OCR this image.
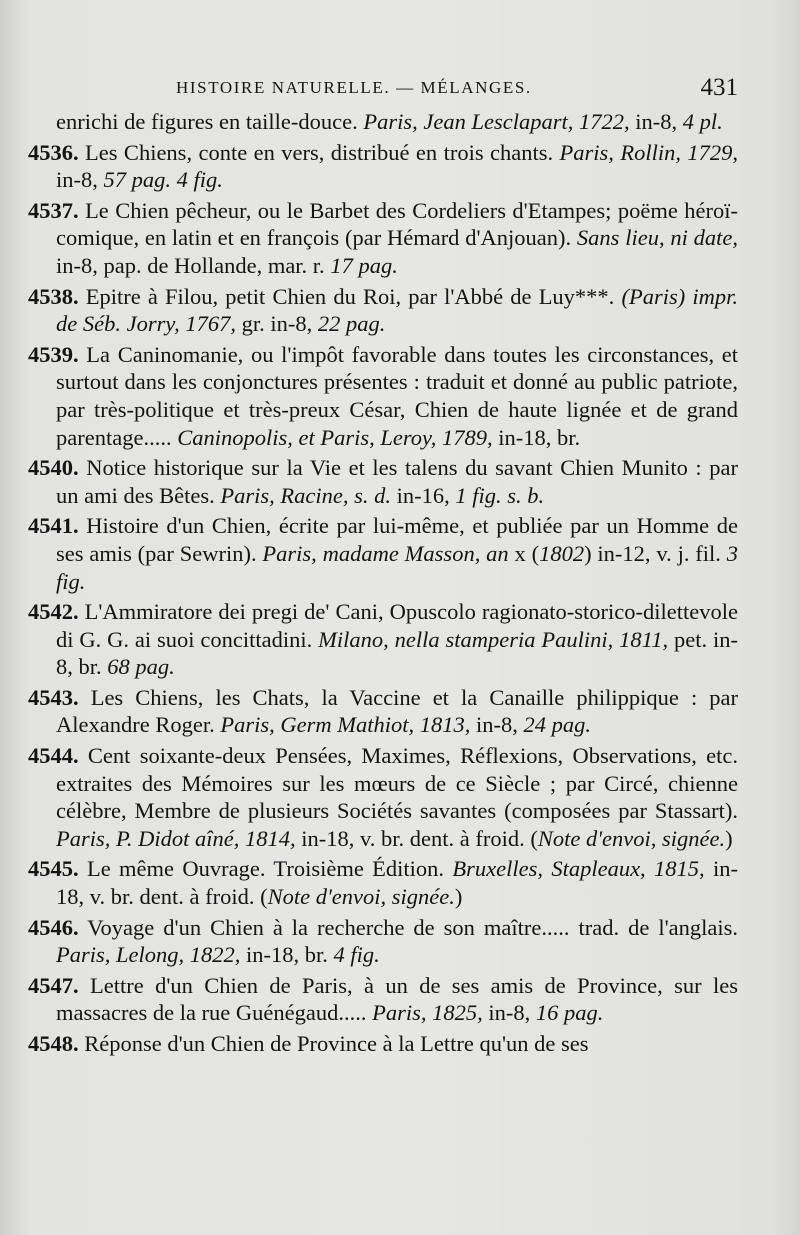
HISTOIRE NATURELLE. — MÉLANGES.	431

enrichi de figures en taille-douce. Paris, Jean Lesclapart, 1722, in-8, 4 pl.

4536. Les Chiens, conte en vers, distribué en trois chants. Paris, Rollin, 1729, in-8, 57 pag. 4 fig.

4537. Le Chien pêcheur, ou le Barbet des Cordeliers d'Etampes; poëme héroï-comique, en latin et en françois (par Hémard d'Anjouan). Sans lieu, ni date, in-8, pap. de Hollande, mar. r. 17 pag.

4538. Epitre à Filou, petit Chien du Roi, par l'Abbé de Luy***. (Paris) impr. de Séb. Jorry, 1767, gr. in-8, 22 pag.

4539. La Caninomanie, ou l'impôt favorable dans toutes les circonstances, et surtout dans les conjonctures présentes : traduit et donné au public patriote, par très-politique et très-preux César, Chien de haute lignée et de grand parentage..... Caninopolis, et Paris, Leroy, 1789, in-18, br.

4540. Notice historique sur la Vie et les talens du savant Chien Munito : par un ami des Bêtes. Paris, Racine, s. d. in-16, 1 fig. s. b.

4541. Histoire d'un Chien, écrite par lui-même, et publiée par un Homme de ses amis (par Sewrin). Paris, madame Masson, an x (1802) in-12, v. j. fil. 3 fig.

4542. L'Ammiratore dei pregi de' Cani, Opuscolo ragionato-storico-dilettevole di G. G. ai suoi concittadini. Milano, nella stamperia Paulini, 1811, pet. in-8, br. 68 pag.

4543. Les Chiens, les Chats, la Vaccine et la Canaille philippique : par Alexandre Roger. Paris, Germ Mathiot, 1813, in-8, 24 pag.

4544. Cent soixante-deux Pensées, Maximes, Réflexions, Observations, etc. extraites des Mémoires sur les mœurs de ce Siècle ; par Circé, chienne célèbre, Membre de plusieurs Sociétés savantes (composées par Stassart). Paris, P. Didot aîné, 1814, in-18, v. br. dent. à froid. (Note d'envoi, signée.)

4545. Le même Ouvrage. Troisième Édition. Bruxelles, Stapleaux, 1815, in-18, v. br. dent. à froid. (Note d'envoi, signée.)

4546. Voyage d'un Chien à la recherche de son maître..... trad. de l'anglais. Paris, Lelong, 1822, in-18, br. 4 fig.

4547. Lettre d'un Chien de Paris, à un de ses amis de Province, sur les massacres de la rue Guénégaud..... Paris, 1825, in-8, 16 pag.

4548. Réponse d'un Chien de Province à la Lettre qu'un de ses
